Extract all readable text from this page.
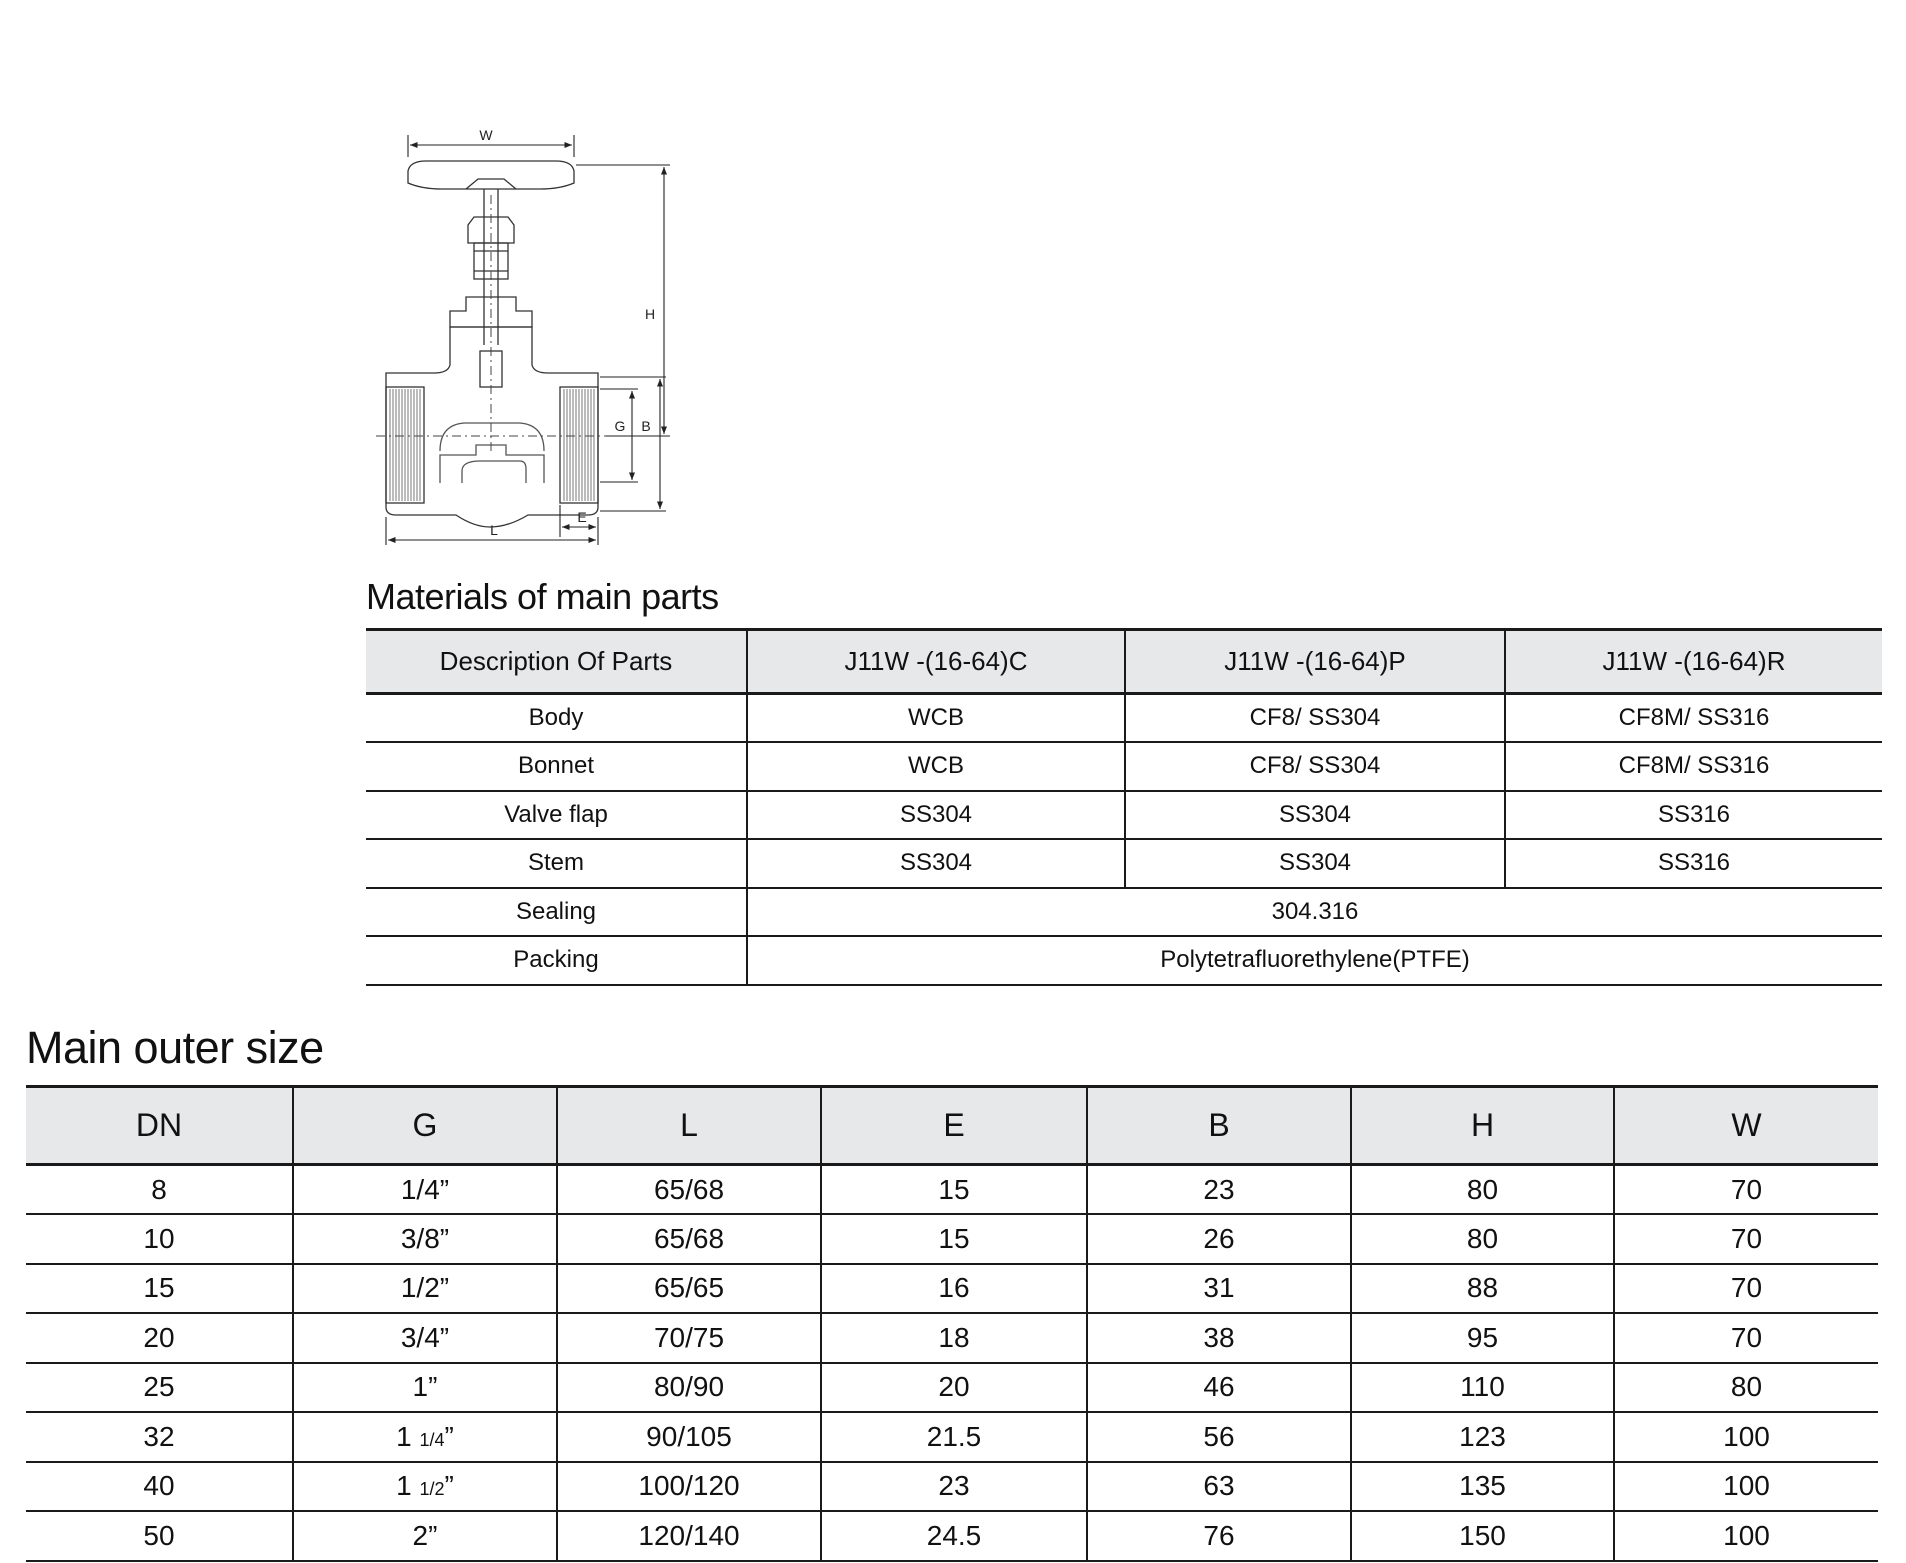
W
H
G B
L
E
Materials of main parts
Description Of Parts	J11W -(16-64)C	J11W -(16-64)P	J11W -(16-64)R
Body	WCB	CF8/ SS304	CF8M/ SS316
Bonnet	WCB	CF8/ SS304	CF8M/ SS316
Valve flap	SS304	SS304	SS316
Stem	SS304	SS304	SS316
Sealing	304.316		
Packing	Polytetrafluorethylene(PTFE)		
Main outer size
DN	G	L	E	B	H	W
8	1/4”	65/68	15	23	80	70
10	3/8”	65/68	15	26	80	70
15	1/2”	65/65	16	31	88	70
20	3/4”	70/75	18	38	95	70
25	1”	80/90	20	46	110	80
32	1 1/4”	90/105	21.5	56	123	100
40	1 1/2”	100/120	23	63	135	100
50	2”	120/140	24.5	76	150	100
